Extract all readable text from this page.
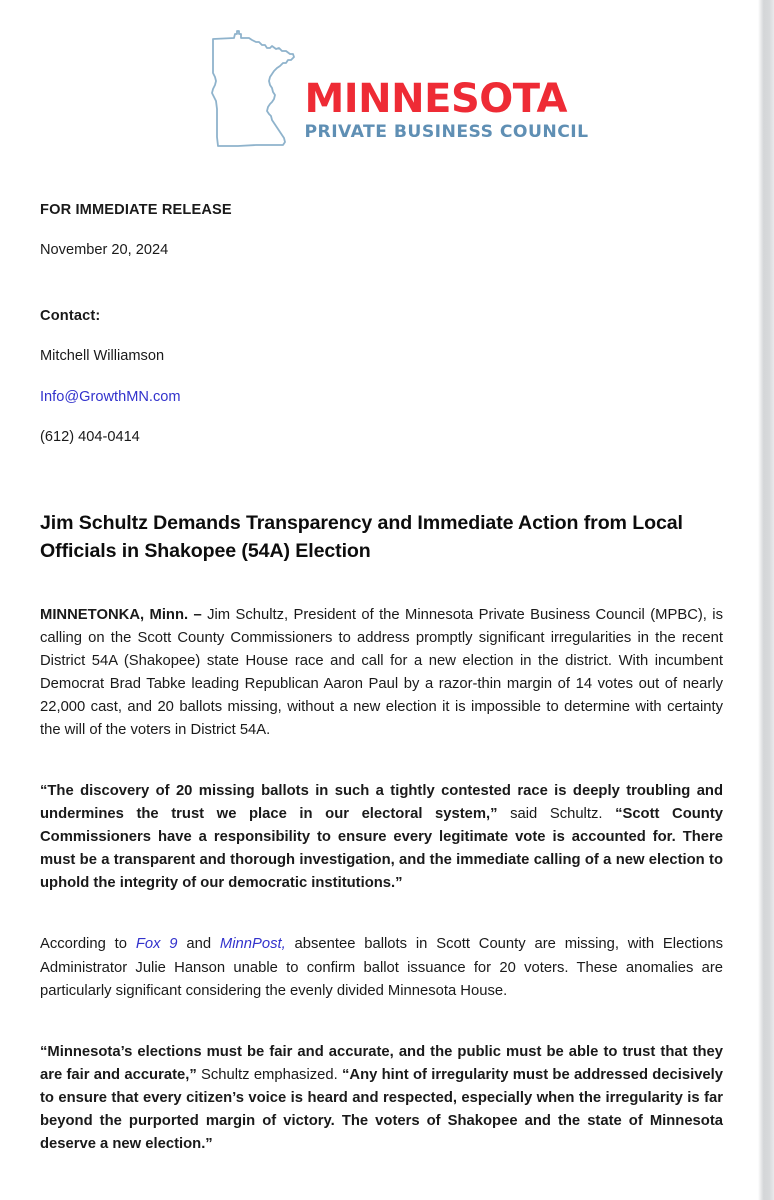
MINNESOTA
PRIVATE BUSINESS COUNCIL
FOR IMMEDIATE RELEASE
November 20, 2024
Contact:
Mitchell Williamson
Info@GrowthMN.com
(612) 404-0414
Jim Schultz Demands Transparency and Immediate Action from Local Officials in Shakopee (54A) Election

MINNETONKA, Minn. – Jim Schultz, President of the Minnesota Private Business Council (MPBC), is calling on the Scott County Commissioners to address promptly significant irregularities in the recent District 54A (Shakopee) state House race and call for a new election in the district. With incumbent Democrat Brad Tabke leading Republican Aaron Paul by a razor-thin margin of 14 votes out of nearly 22,000 cast, and 20 ballots missing, without a new election it is impossible to determine with certainty the will of the voters in District 54A.

“The discovery of 20 missing ballots in such a tightly contested race is deeply troubling and undermines the trust we place in our electoral system,” said Schultz. “Scott County Commissioners have a responsibility to ensure every legitimate vote is accounted for. There must be a transparent and thorough investigation, and the immediate calling of a new election to uphold the integrity of our democratic institutions.”

According to Fox 9 and MinnPost, absentee ballots in Scott County are missing, with Elections Administrator Julie Hanson unable to confirm ballot issuance for 20 voters. These anomalies are particularly significant considering the evenly divided Minnesota House.

“Minnesota’s elections must be fair and accurate, and the public must be able to trust that they are fair and accurate,” Schultz emphasized. “Any hint of irregularity must be addressed decisively to ensure that every citizen’s voice is heard and respected, especially when the irregularity is far beyond the purported margin of victory. The voters of Shakopee and the state of Minnesota deserve a new election.”
